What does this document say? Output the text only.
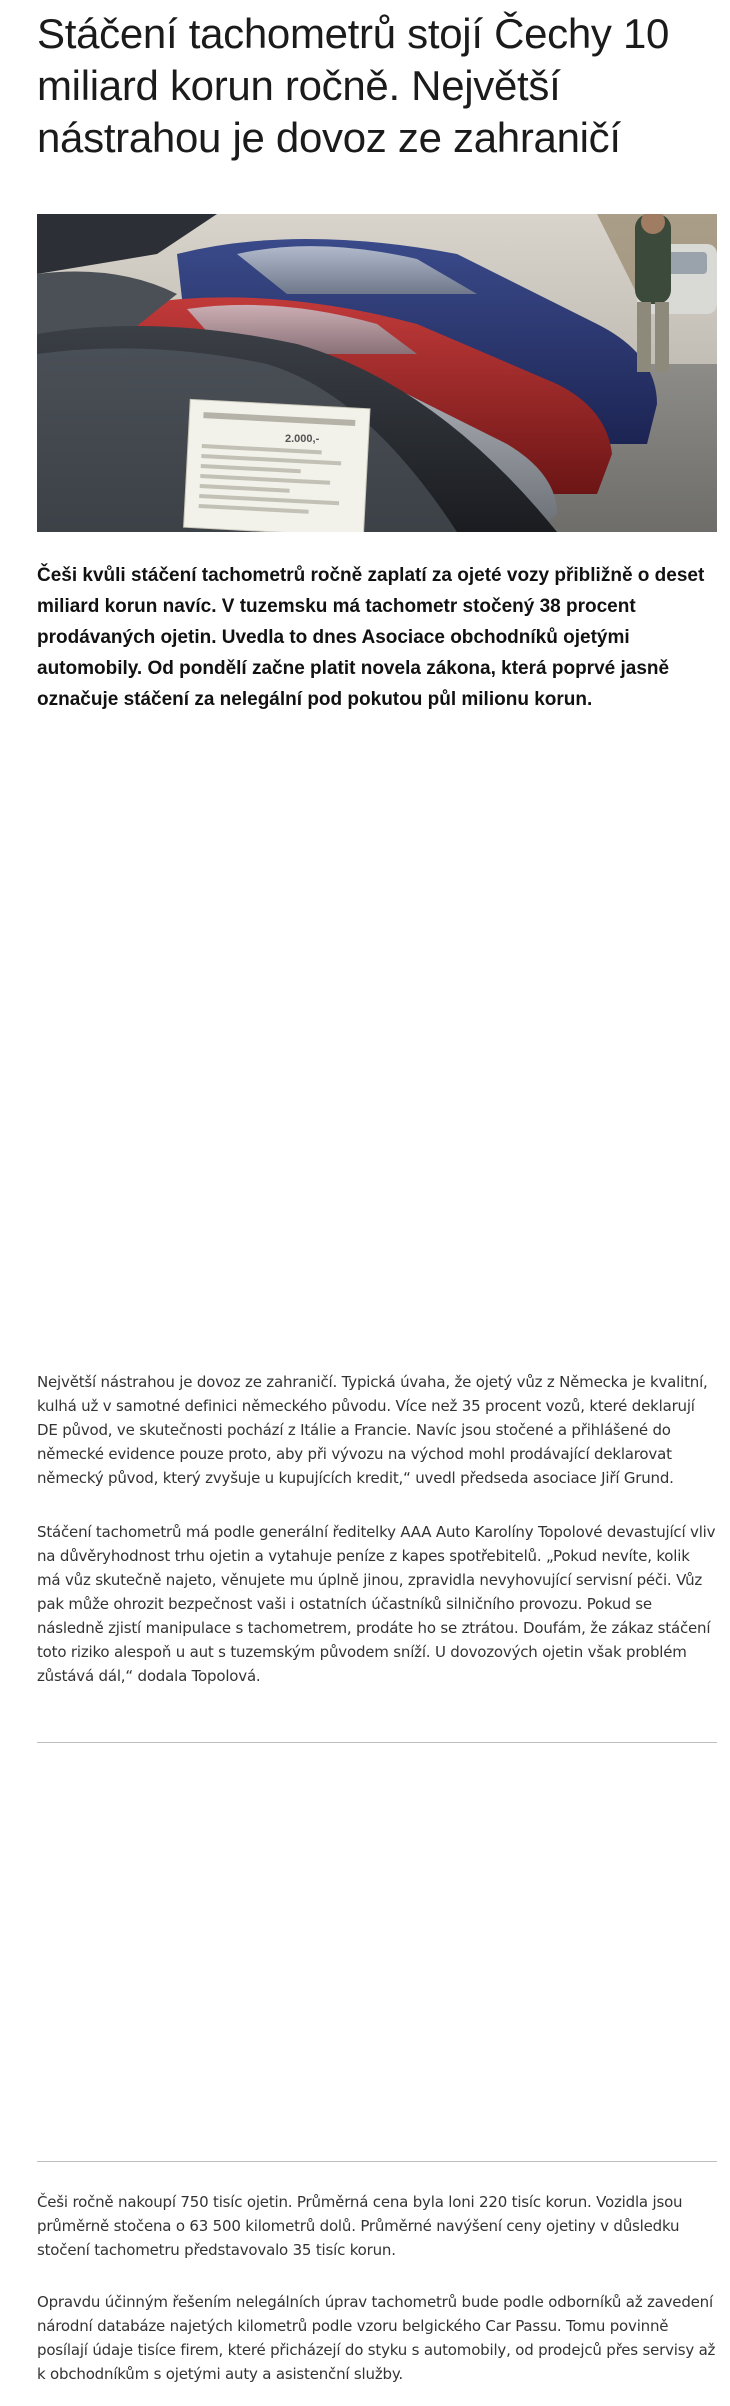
Stáčení tachometrů stojí Čechy 10 miliard korun ročně. Největší nástrahou je dovoz ze zahraničí
2.000,-

Češi kvůli stáčení tachometrů ročně zaplatí za ojeté vozy přibližně o deset miliard korun navíc. V tuzemsku má tachometr stočený 38 procent prodávaných ojetin. Uvedla to dnes Asociace obchodníků ojetými automobily. Od pondělí začne platit novela zákona, která poprvé jasně označuje stáčení za nelegální pod pokutou půl milionu korun.

Největší nástrahou je dovoz ze zahraničí. Typická úvaha, že ojetý vůz z Německa je kvalitní, kulhá už v samotné definici německého původu. Více než 35 procent vozů, které deklarují DE původ, ve skutečnosti pochází z Itálie a Francie. Navíc jsou stočené a přihlášené do německé evidence pouze proto, aby při vývozu na východ mohl prodávající deklarovat německý původ, který zvyšuje u kupujících kredit,“ uvedl předseda asociace Jiří Grund.

Stáčení tachometrů má podle generální ředitelky AAA Auto Karolíny Topolové devastující vliv na důvěryhodnost trhu ojetin a vytahuje peníze z kapes spotřebitelů. „Pokud nevíte, kolik má vůz skutečně najeto, věnujete mu úplně jinou, zpravidla nevyhovující servisní péči. Vůz pak může ohrozit bezpečnost vaši i ostatních účastníků silničního provozu. Pokud se následně zjistí manipulace s tachometrem, prodáte ho se ztrátou. Doufám, že zákaz stáčení toto riziko alespoň u aut s tuzemským původem sníží. U dovozových ojetin však problém zůstává dál,“ dodala Topolová.

Češi ročně nakoupí 750 tisíc ojetin. Průměrná cena byla loni 220 tisíc korun. Vozidla jsou průměrně stočena o 63 500 kilometrů dolů. Průměrné navýšení ceny ojetiny v důsledku stočení tachometru představovalo 35 tisíc korun.

Opravdu účinným řešením nelegálních úprav tachometrů bude podle odborníků až zavedení národní databáze najetých kilometrů podle vzoru belgického Car Passu. Tomu povinně posílají údaje tisíce firem, které přicházejí do styku s automobily, od prodejců přes servisy až k obchodníkům s ojetými auty a asistenční služby.
